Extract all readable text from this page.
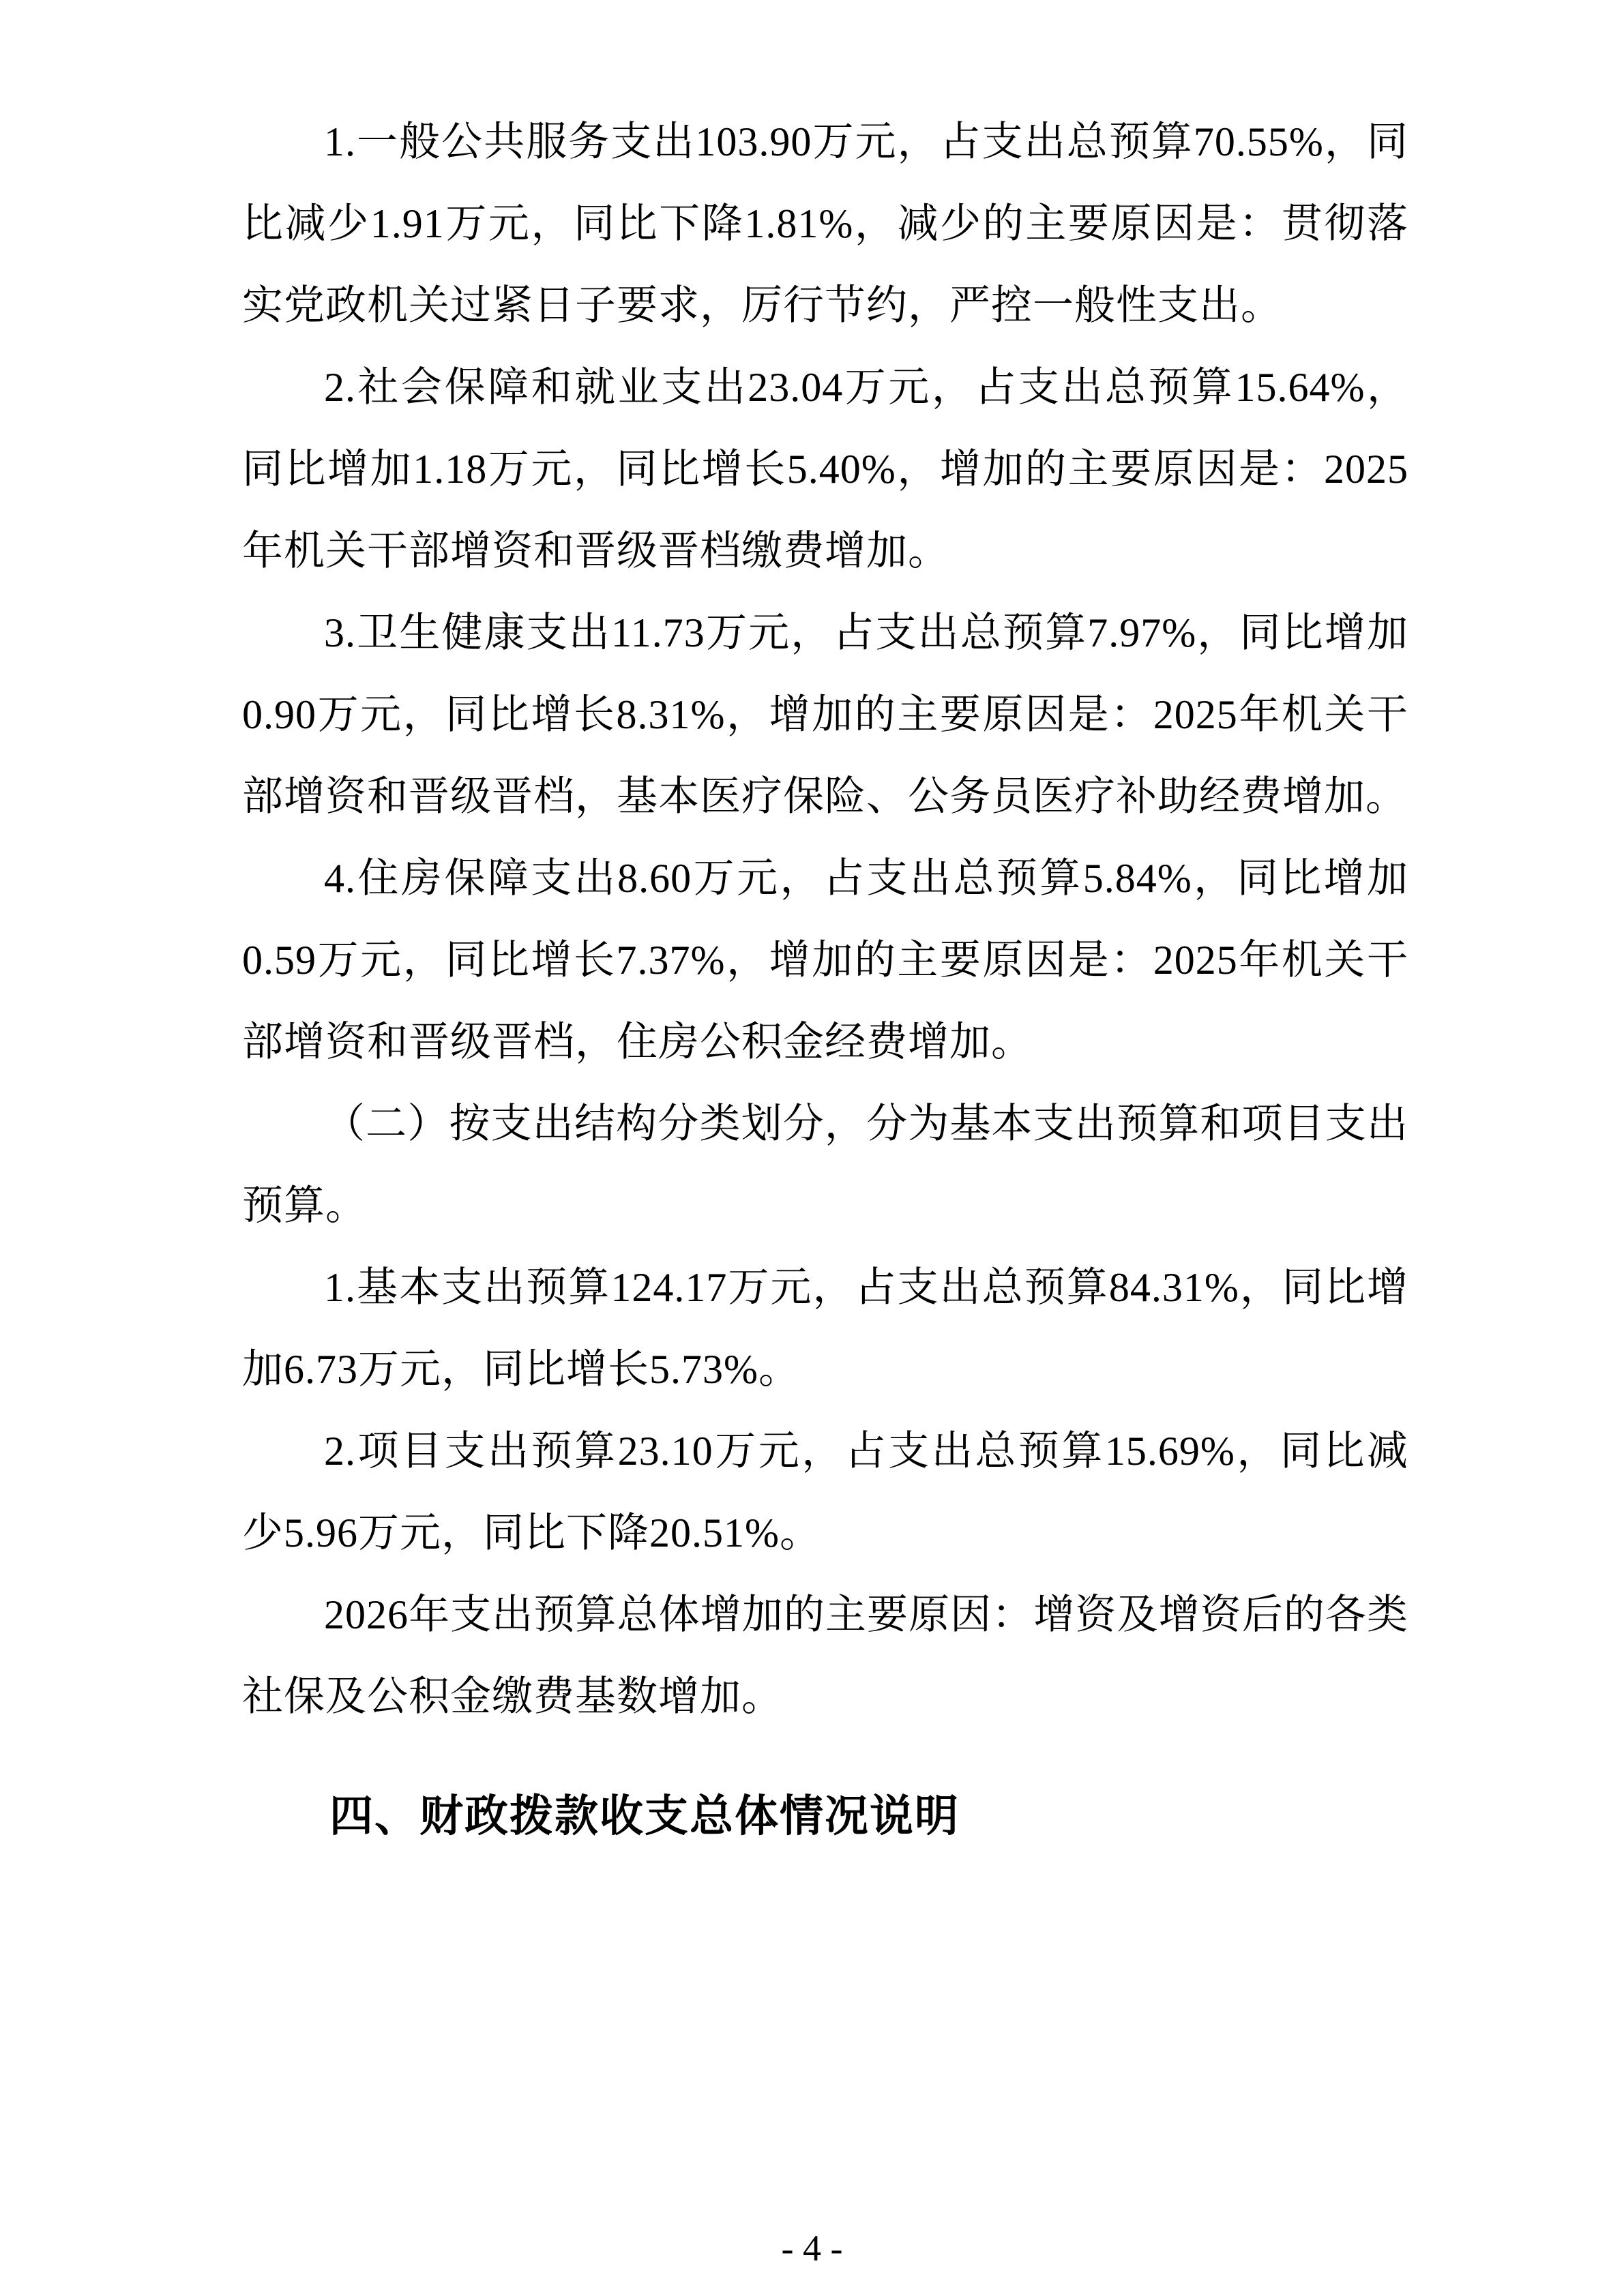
1.一般公共服务支出103.90万元，占支出总预算70.55%，同比减少1.91万元，同比下降1.81%，减少的主要原因是：贯彻落实党政机关过紧日子要求，厉行节约，严控一般性支出。

2.社会保障和就业支出23.04万元，占支出总预算15.64%，同比增加1.18万元，同比增长5.40%，增加的主要原因是：2025年机关干部增资和晋级晋档缴费增加。

3.卫生健康支出11.73万元，占支出总预算7.97%，同比增加0.90万元，同比增长8.31%，增加的主要原因是：2025年机关干部增资和晋级晋档，基本医疗保险、公务员医疗补助经费增加。

4.住房保障支出8.60万元，占支出总预算5.84%，同比增加0.59万元，同比增长7.37%，增加的主要原因是：2025年机关干部增资和晋级晋档，住房公积金经费增加。

（二）按支出结构分类划分，分为基本支出预算和项目支出预算。

1.基本支出预算124.17万元，占支出总预算84.31%，同比增加6.73万元，同比增长5.73%。

2.项目支出预算23.10万元，占支出总预算15.69%，同比减少5.96万元，同比下降20.51%。

2026年支出预算总体增加的主要原因：增资及增资后的各类社保及公积金缴费基数增加。

四、财政拨款收支总体情况说明
- 4 -
